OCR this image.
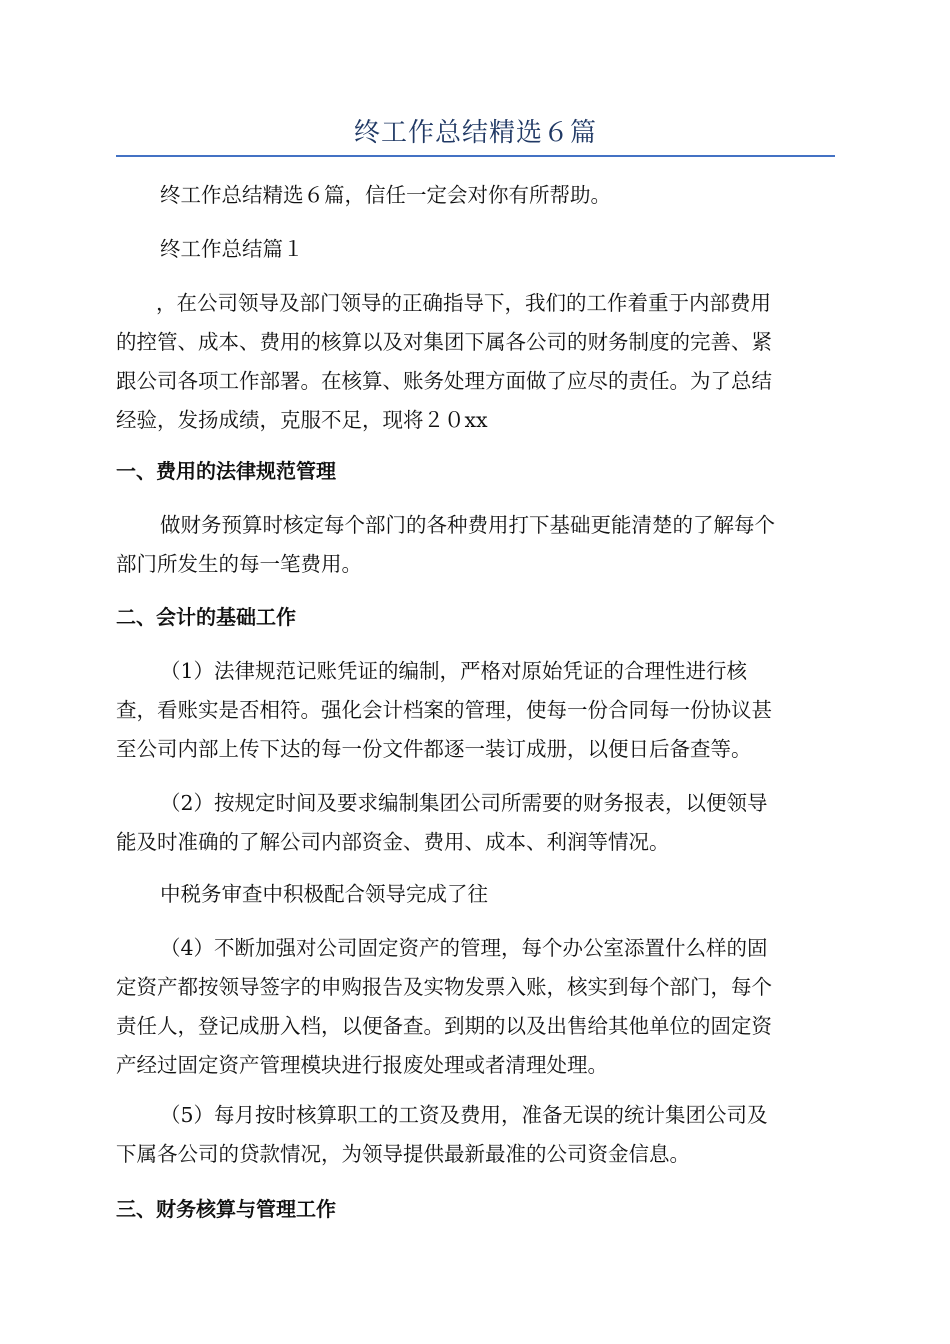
终工作总结精选６篇

终工作总结精选６篇，信任一定会对你有所帮助。

终工作总结篇１

，在公司领导及部门领导的正确指导下，我们的工作着重于内部费用
的控管、成本、费用的核算以及对集团下属各公司的财务制度的完善、紧
跟公司各项工作部署。在核算、账务处理方面做了应尽的责任。为了总结
经验，发扬成绩，克服不足，现将２０xx

一、费用的法律规范管理

做财务预算时核定每个部门的各种费用打下基础更能清楚的了解每个
部门所发生的每一笔费用。

二、会计的基础工作

（1）法律规范记账凭证的编制，严格对原始凭证的合理性进行核
查，看账实是否相符。强化会计档案的管理，使每一份合同每一份协议甚
至公司内部上传下达的每一份文件都逐一装订成册，以便日后备查等。

（2）按规定时间及要求编制集团公司所需要的财务报表，以便领导
能及时准确的了解公司内部资金、费用、成本、利润等情况。

中税务审查中积极配合领导完成了往

（4）不断加强对公司固定资产的管理，每个办公室添置什么样的固
定资产都按领导签字的申购报告及实物发票入账，核实到每个部门，每个
责任人，登记成册入档，以便备查。到期的以及出售给其他单位的固定资
产经过固定资产管理模块进行报废处理或者清理处理。

（5）每月按时核算职工的工资及费用，准备无误的统计集团公司及
下属各公司的贷款情况，为领导提供最新最准的公司资金信息。

三、财务核算与管理工作
